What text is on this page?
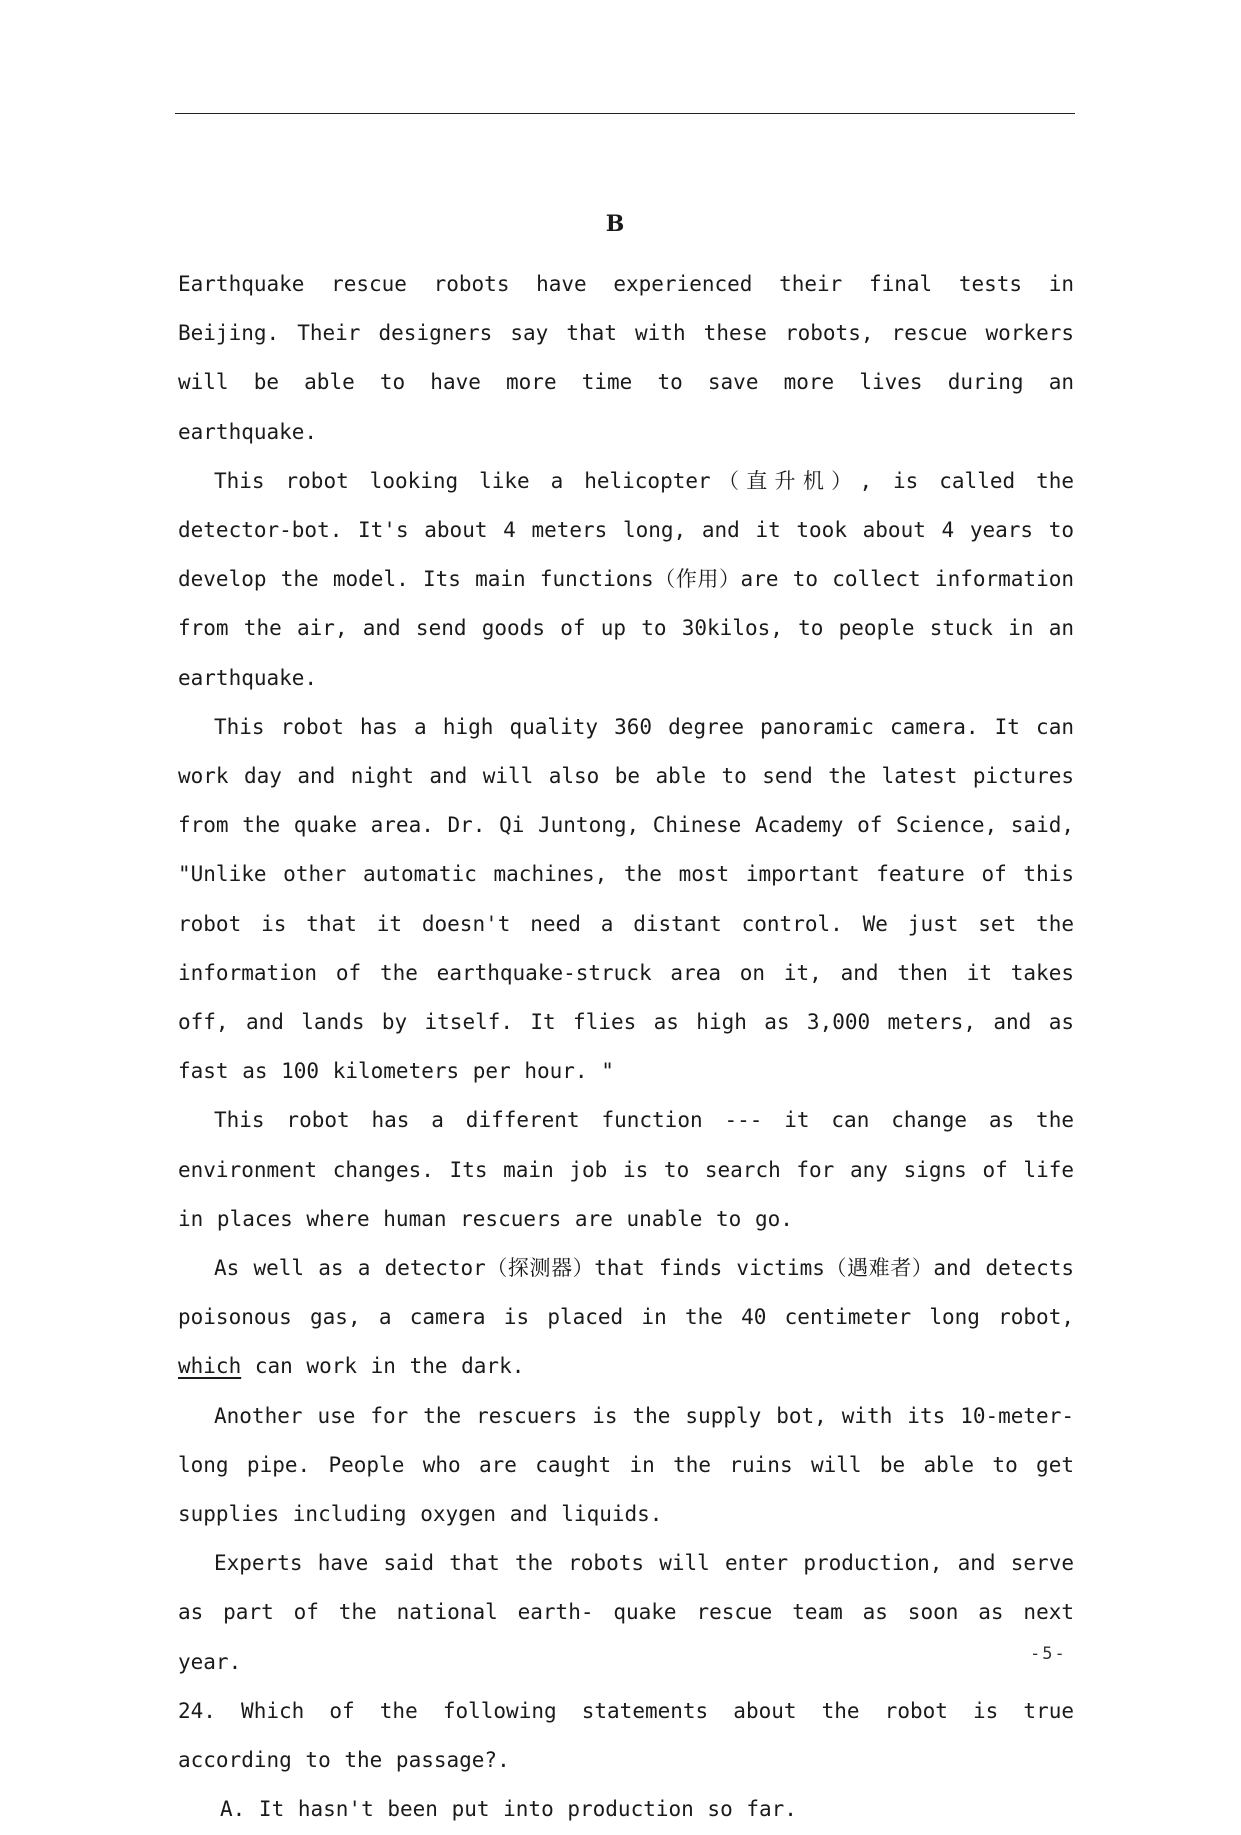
B

Earthquake rescue robots have experienced their final tests in Beijing. Their designers say that with these robots, rescue workers will be able to have more time to save more lives during an earthquake.

This robot looking like a helicopter（直升机）, is called the detector-bot. It's about 4 meters long, and it took about 4 years to develop the model. Its main functions（作用）are to collect information from the air, and send goods of up to 30kilos, to people stuck in an earthquake.

This robot has a high quality 360 degree panoramic camera. It can work day and night and will also be able to send the latest pictures from the quake area. Dr. Qi Juntong, Chinese Academy of Science, said, "Unlike other automatic machines, the most important feature of this robot is that it doesn't need a distant control. We just set the information of the earthquake-struck area on it, and then it takes off, and lands by itself. It flies as high as 3,000 meters, and as fast as 100 kilometers per hour. "

This robot has a different function --- it can change as the environment changes. Its main job is to search for any signs of life in places where human rescuers are unable to go.

As well as a detector（探测器）that finds victims（遇难者）and detects poisonous gas, a camera is placed in the 40 centimeter long robot, which can work in the dark.

Another use for the rescuers is the supply bot, with its 10-meter-long pipe. People who are caught in the ruins will be able to get supplies including oxygen and liquids.

Experts have said that the robots will enter production, and serve as part of the national earth- quake rescue team as soon as next year.

24. Which of the following statements about the robot is true according to the passage?.

A. It hasn't been put into production so far.

-5-
